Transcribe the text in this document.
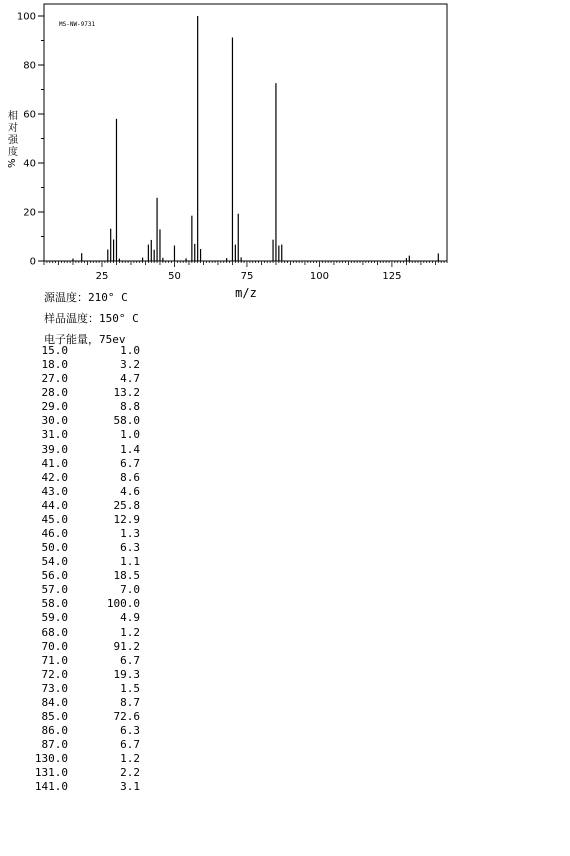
0
20
40
60
80
100
25	50	75	100	125
MS-NW-9731
相
对
强
度
%
m/z
源温度：210° C
样品温度：150° C
电子能量，75ev
15.0	1.0
18.0	3.2
27.0	4.7
28.0	13.2
29.0	8.8
30.0	58.0
31.0	1.0
39.0	1.4
41.0	6.7
42.0	8.6
43.0	4.6
44.0	25.8
45.0	12.9
46.0	1.3
50.0	6.3
54.0	1.1
56.0	18.5
57.0	7.0
58.0	100.0
59.0	4.9
68.0	1.2
70.0	91.2
71.0	6.7
72.0	19.3
73.0	1.5
84.0	8.7
85.0	72.6
86.0	6.3
87.0	6.7
130.0	1.2
131.0	2.2
141.0	3.1
